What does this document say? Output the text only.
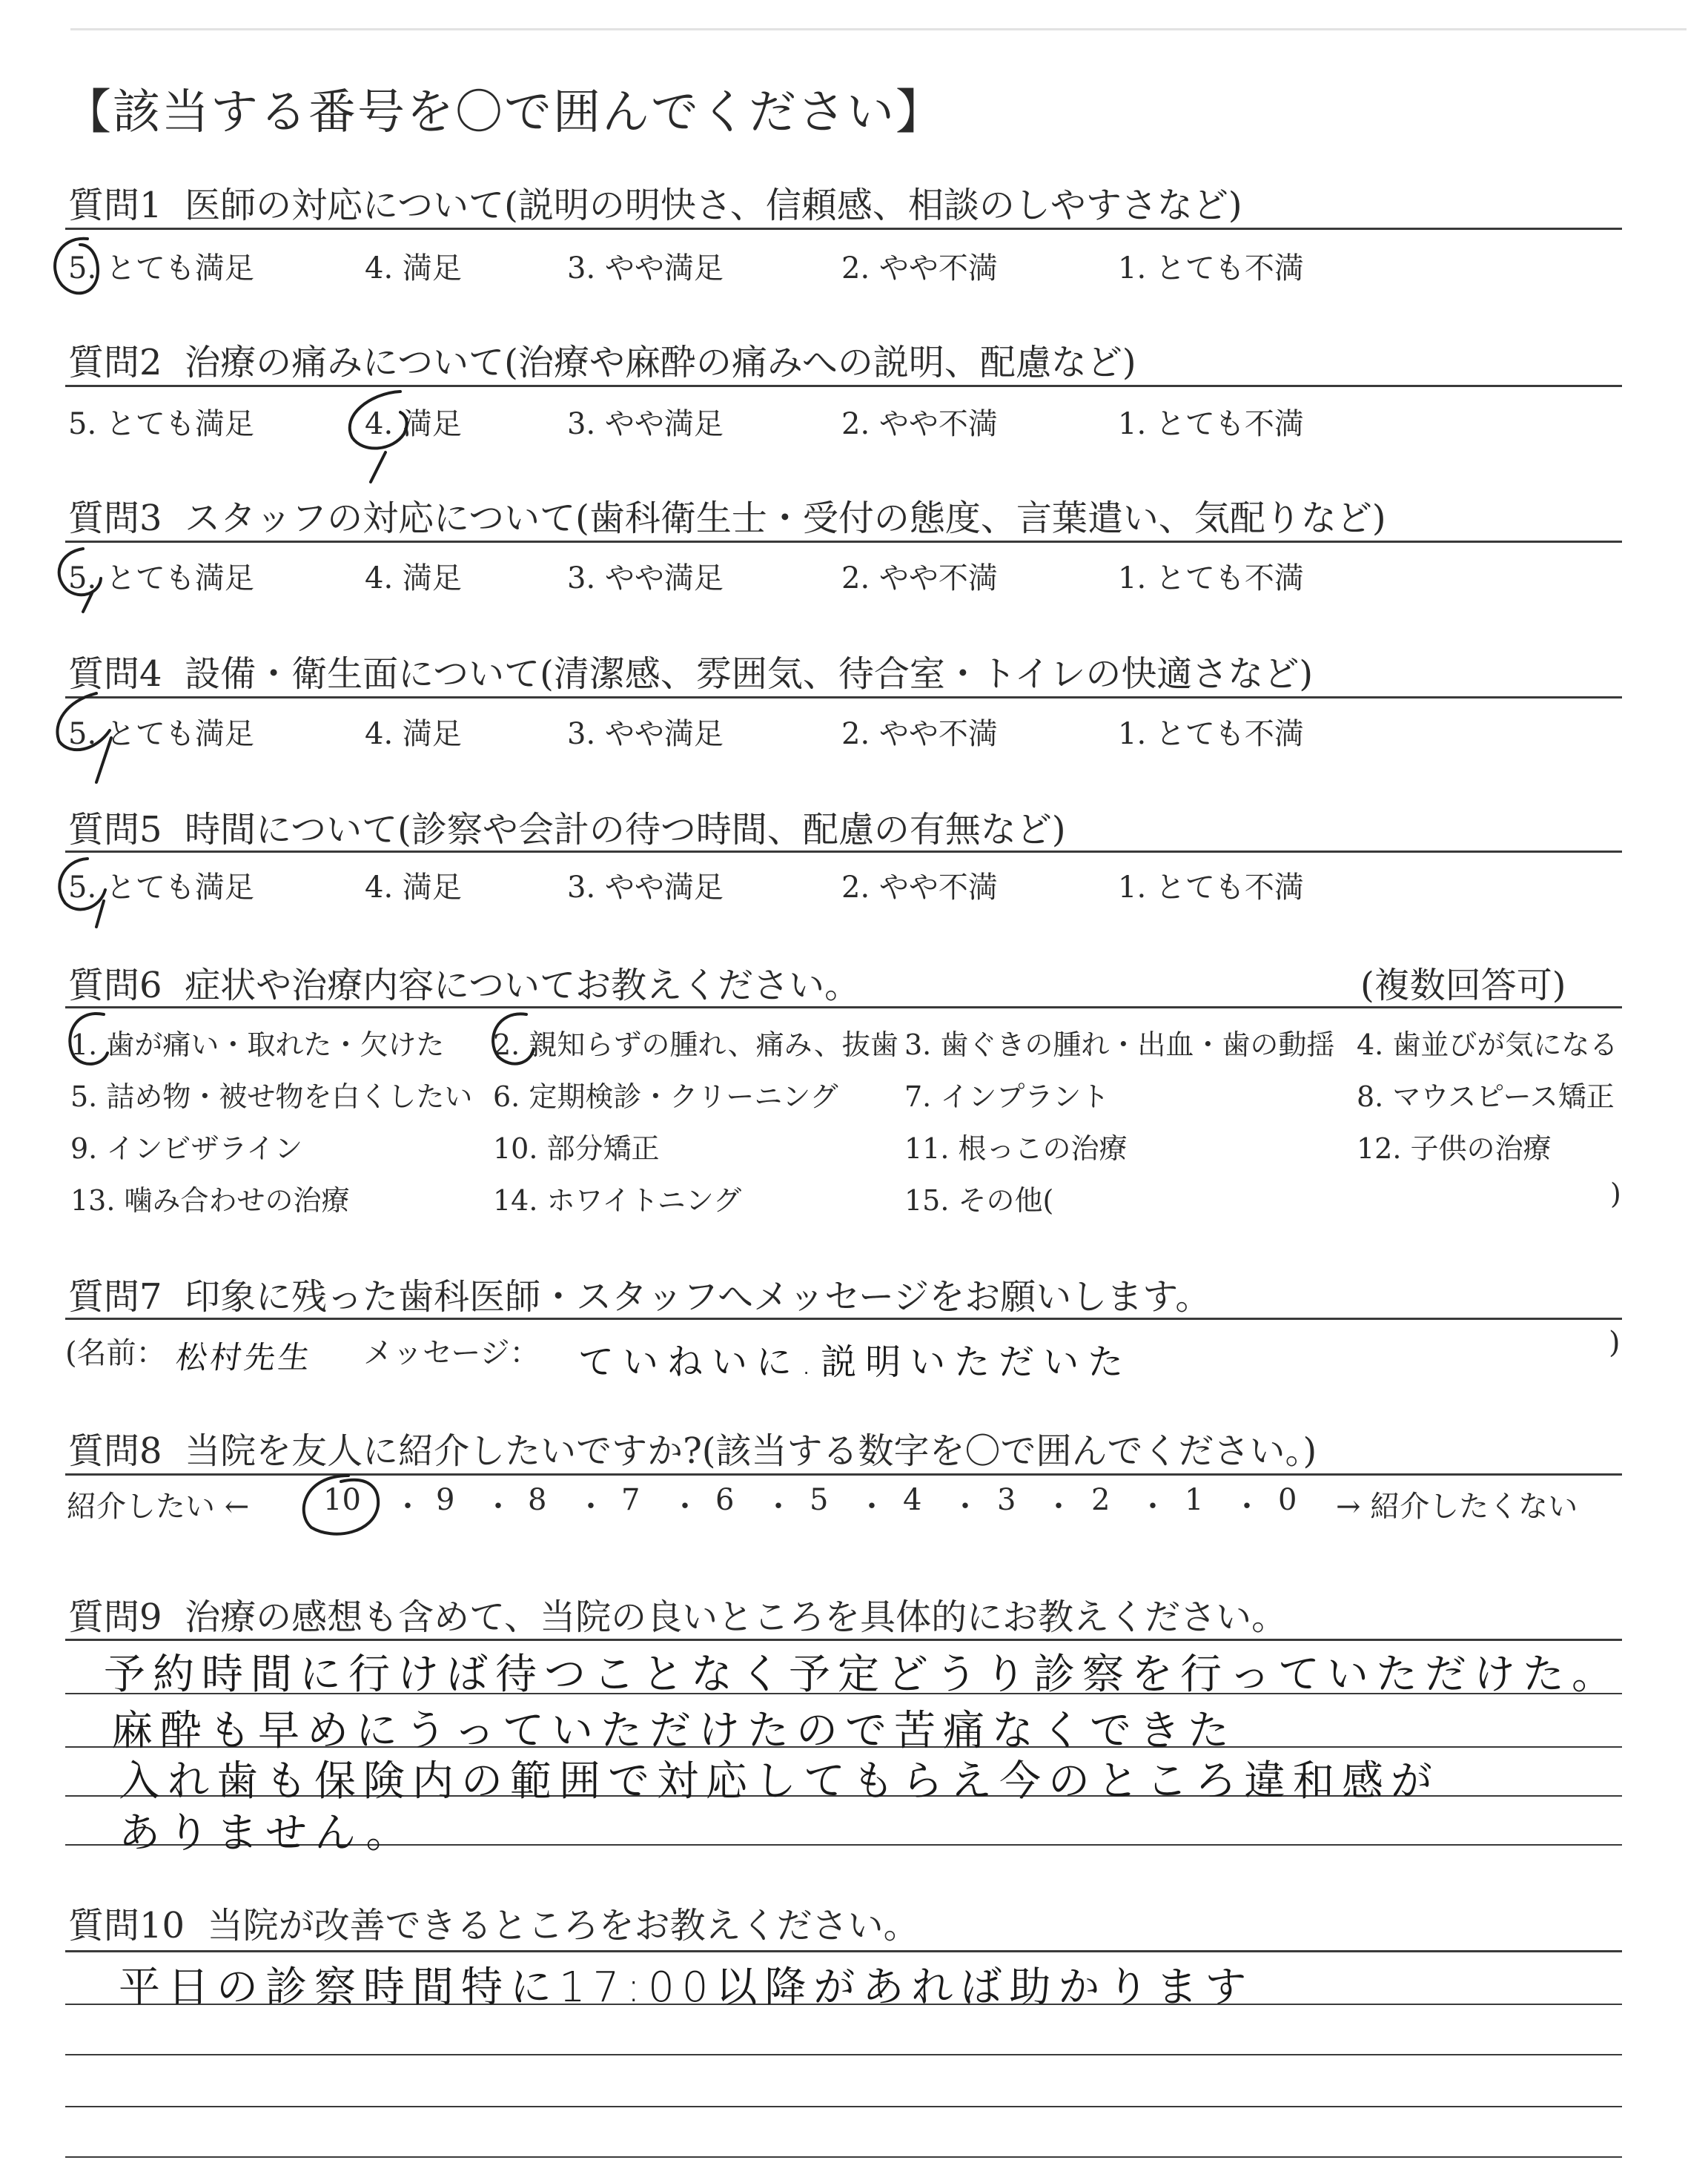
【該当する番号を〇で囲んでください】
質問1 医師の対応について(説明の明快さ、信頼感、相談のしやすさなど)
5. とても満足	4. 満足	3. やや満足	2. やや不満	1. とても不満
質問2 治療の痛みについて(治療や麻酔の痛みへの説明、配慮など)
5. とても満足	4. 満足	3. やや満足	2. やや不満	1. とても不満
質問3 スタッフの対応について(歯科衛生士・受付の態度、言葉遣い、気配りなど)
5. とても満足	4. 満足	3. やや満足	2. やや不満	1. とても不満
質問4 設備・衛生面について(清潔感、雰囲気、待合室・トイレの快適さなど)
5. とても満足	4. 満足	3. やや満足	2. やや不満	1. とても不満
質問5 時間について(診察や会計の待つ時間、配慮の有無など)
5. とても満足	4. 満足	3. やや満足	2. やや不満	1. とても不満
質問6 症状や治療内容についてお教えください。	(複数回答可)
1. 歯が痛い・取れた・欠けた 2. 親知らずの腫れ、痛み、抜歯 3. 歯ぐきの腫れ・出血・歯の動揺 4. 歯並びが気になる
5. 詰め物・被せ物を白くしたい 6. 定期検診・クリーニング 7. インプラント	8. マウスピース矯正
9. インビザライン	10. 部分矯正	11. 根っこの治療	12. 子供の治療
13. 噛み合わせの治療	14. ホワイトニング	15. その他(	)
質問7 印象に残った歯科医師・スタッフへメッセージをお願いします。
(名前： 松村先生 メッセージ： ていねいに.説明いただいた	)
質問8 当院を友人に紹介したいですか?(該当する数字を〇で囲んでください。)
紹介したい ← 10 ・ 9 ・ 8 ・ 7 ・ 6 ・ 5 ・ 4 ・ 3 ・ 2 ・ 1 ・ 0 → 紹介したくない
質問9 治療の感想も含めて、当院の良いところを具体的にお教えください。
予約時間に行けば待つことなく予定どうり診察を行っていただけた。
麻酔も早めにうっていただけたので苦痛なくできた
入れ歯も保険内の範囲で対応してもらえ今のところ違和感が
ありません。
質問10 当院が改善できるところをお教えください。
平日の診察時間特に17:00以降があれば助かります
